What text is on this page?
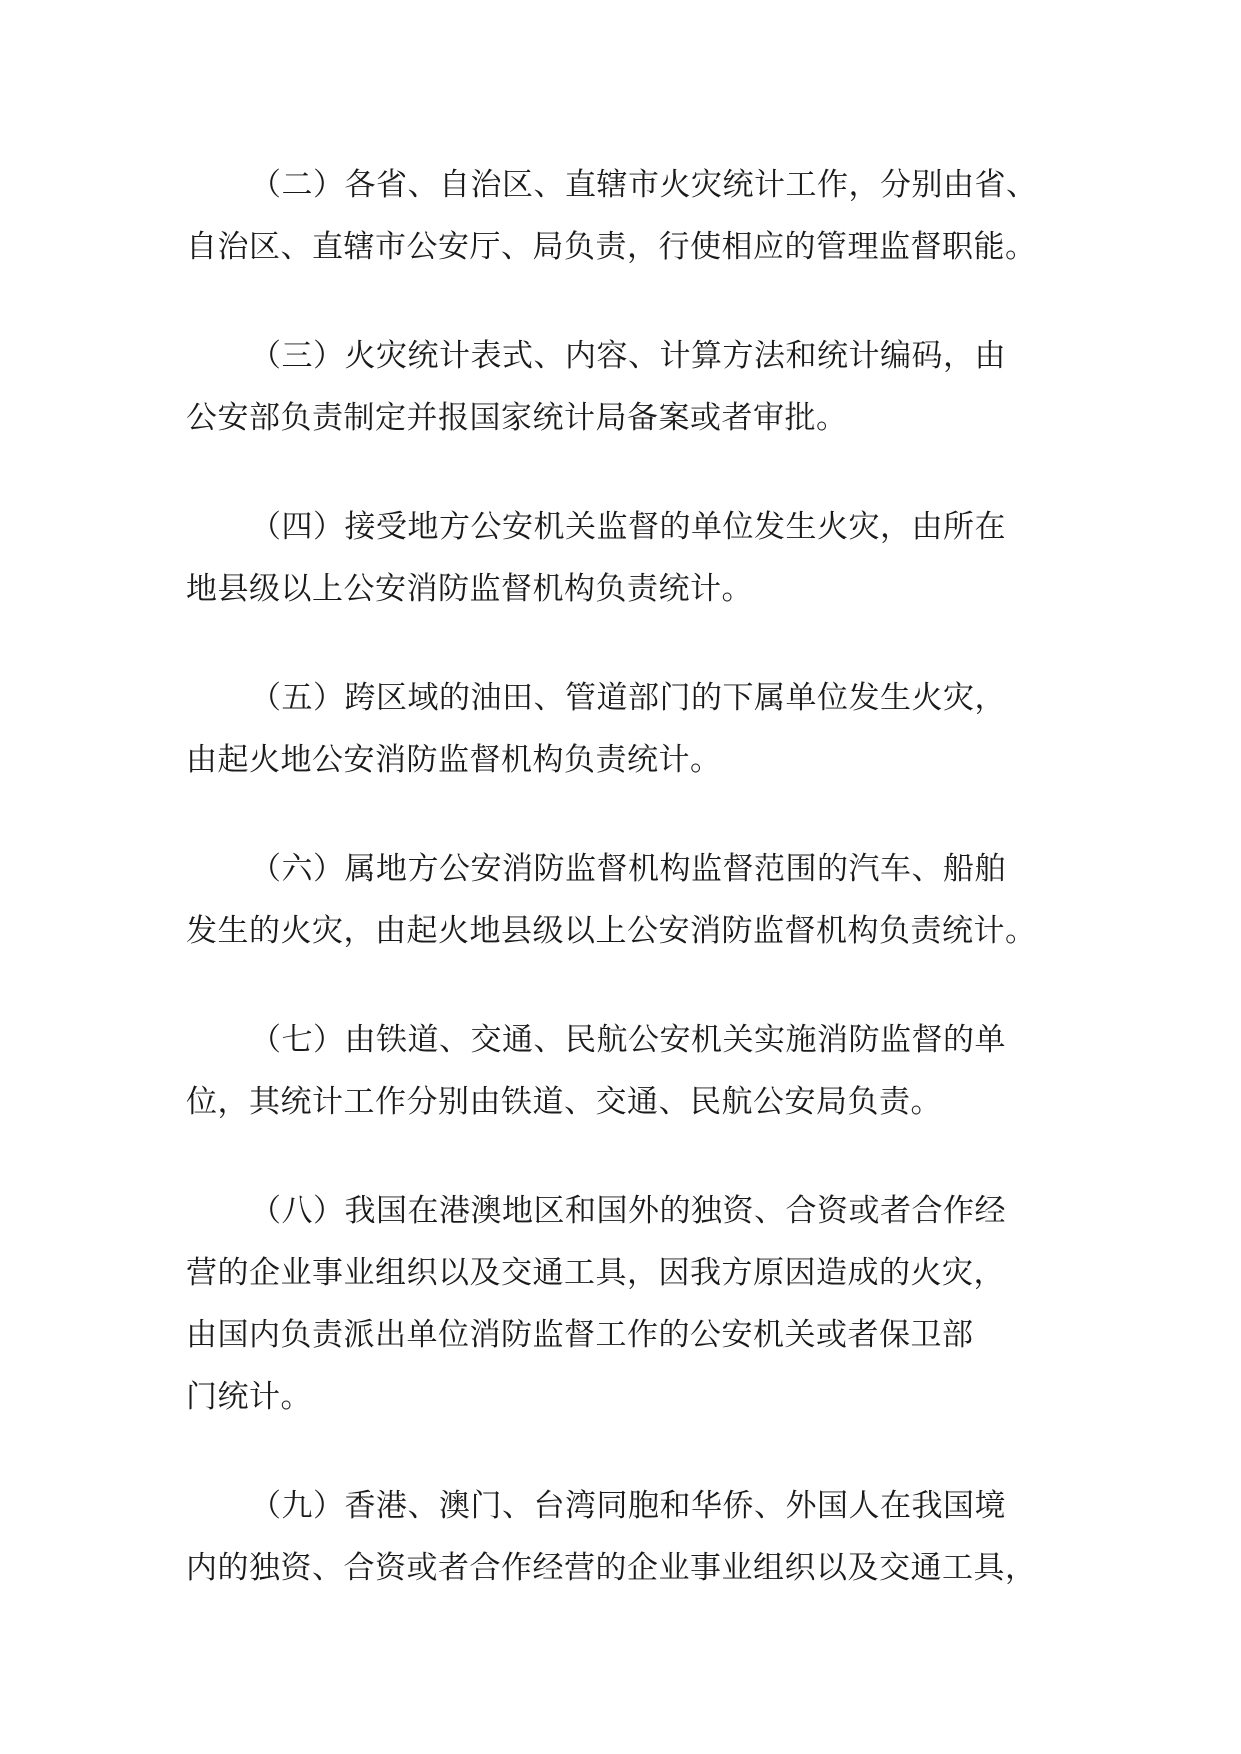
（二）各省、自治区、直辖市火灾统计工作，分别由省、
自治区、直辖市公安厅、局负责，行使相应的管理监督职能。

（三）火灾统计表式、内容、计算方法和统计编码，由
公安部负责制定并报国家统计局备案或者审批。

（四）接受地方公安机关监督的单位发生火灾，由所在
地县级以上公安消防监督机构负责统计。

（五）跨区域的油田、管道部门的下属单位发生火灾，
由起火地公安消防监督机构负责统计。

（六）属地方公安消防监督机构监督范围的汽车、船舶
发生的火灾，由起火地县级以上公安消防监督机构负责统计。

（七）由铁道、交通、民航公安机关实施消防监督的单
位，其统计工作分别由铁道、交通、民航公安局负责。

（八）我国在港澳地区和国外的独资、合资或者合作经
营的企业事业组织以及交通工具，因我方原因造成的火灾，
由国内负责派出单位消防监督工作的公安机关或者保卫部
门统计。

（九）香港、澳门、台湾同胞和华侨、外国人在我国境
内的独资、合资或者合作经营的企业事业组织以及交通工具，
